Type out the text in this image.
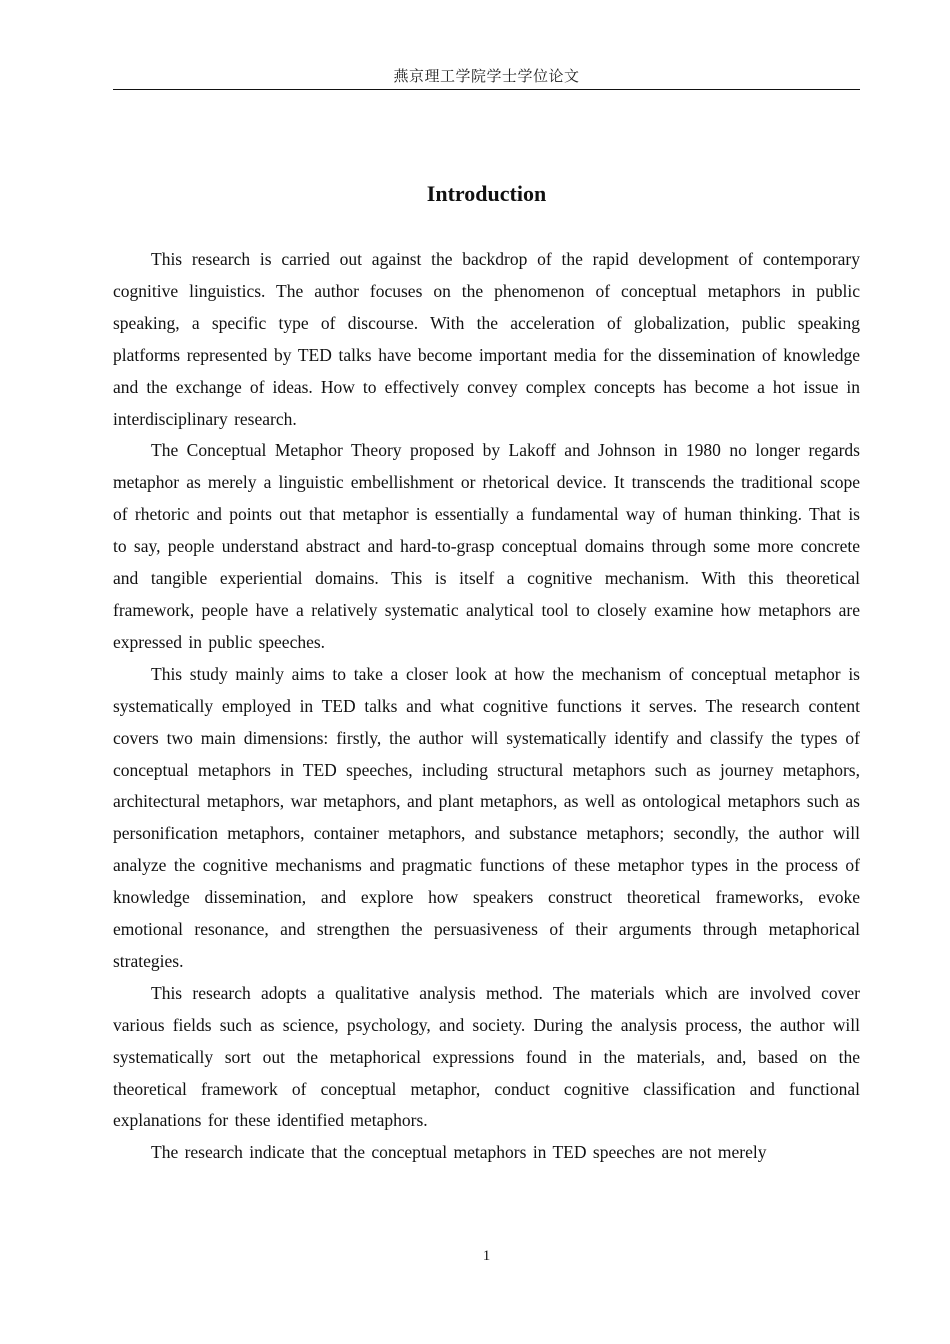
燕京理工学院学士学位论文
Introduction

This research is carried out against the backdrop of the rapid development of contemporary cognitive linguistics. The author focuses on the phenomenon of conceptual metaphors in public speaking, a specific type of discourse. With the acceleration of globalization, public speaking platforms represented by TED talks have become important media for the dissemination of knowledge and the exchange of ideas. How to effectively convey complex concepts has become a hot issue in interdisciplinary research.

The Conceptual Metaphor Theory proposed by Lakoff and Johnson in 1980 no longer regards metaphor as merely a linguistic embellishment or rhetorical device. It transcends the traditional scope of rhetoric and points out that metaphor is essentially a fundamental way of human thinking. That is to say, people understand abstract and hard-to-grasp conceptual domains through some more concrete and tangible experiential domains. This is itself a cognitive mechanism. With this theoretical framework, people have a relatively systematic analytical tool to closely examine how metaphors are expressed in public speeches.

This study mainly aims to take a closer look at how the mechanism of conceptual metaphor is systematically employed in TED talks and what cognitive functions it serves. The research content covers two main dimensions: firstly, the author will systematically identify and classify the types of conceptual metaphors in TED speeches, including structural metaphors such as journey metaphors, architectural metaphors, war metaphors, and plant metaphors, as well as ontological metaphors such as personification metaphors, container metaphors, and substance metaphors; secondly, the author will analyze the cognitive mechanisms and pragmatic functions of these metaphor types in the process of knowledge dissemination, and explore how speakers construct theoretical frameworks, evoke emotional resonance, and strengthen the persuasiveness of their arguments through metaphorical strategies.

This research adopts a qualitative analysis method. The materials which are involved cover various fields such as science, psychology, and society. During the analysis process, the author will systematically sort out the metaphorical expressions found in the materials, and, based on the theoretical framework of conceptual metaphor, conduct cognitive classification and functional explanations for these identified metaphors.

The research indicate that the conceptual metaphors in TED speeches are not merely

1
